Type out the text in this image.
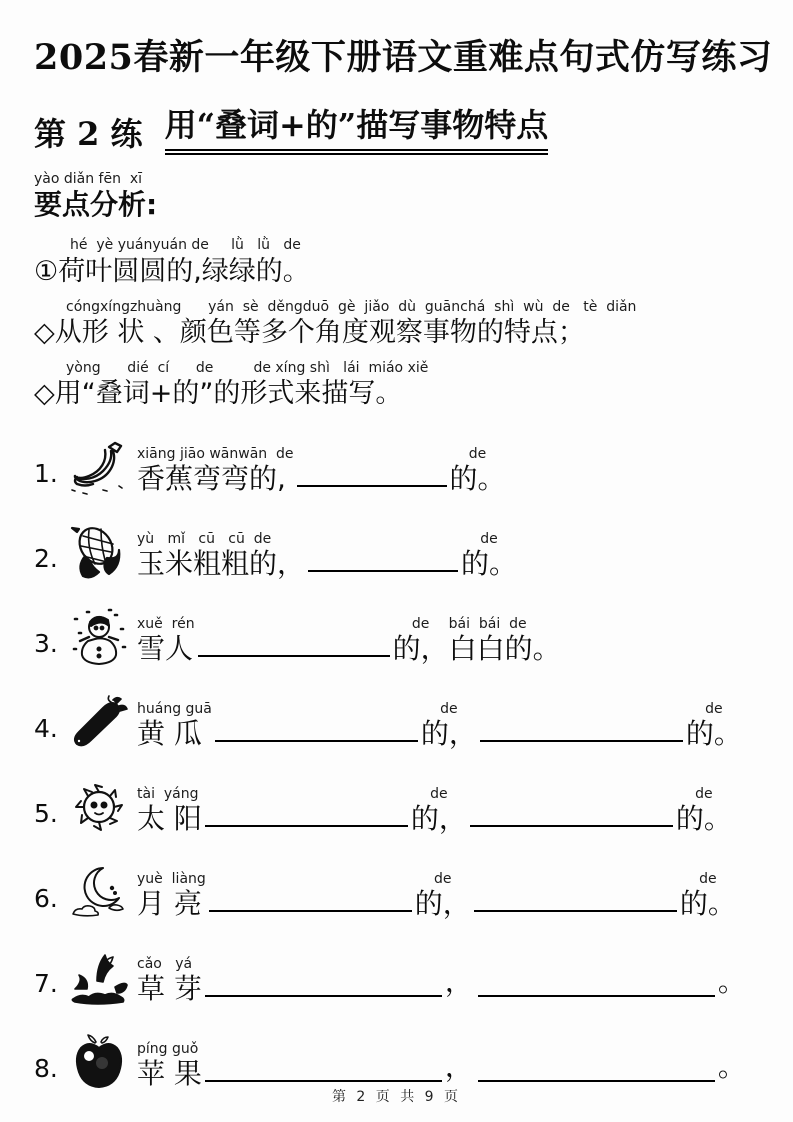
2025春新一年级下册语文重难点句式仿写练习
第 2 练 用“叠词+的”描写事物特点
yào diǎn fēn  xī
要点分析:
hé  yè yuányuán de     lǜ   lǜ   de
①荷叶圆圆的,绿绿的。
cóngxíngzhuàng      yán  sè  děngduō  gè  jiǎo  dù  guānchá  shì  wù  de   tè  diǎn
◇从形 状 、颜色等多个角度观察事物的特点；
yòng      dié  cí      de         de xíng shì   lái  miáo xiě
◇用“叠词+的”的形式来描写。
1.
xiāng jiāo wānwān  de
香蕉弯弯的,
de
的。
2.
yù   mǐ   cū   cū  de
玉米粗粗的，
de
的。
3.
xuě  rén
雪人
de
的，
bái  bái  de
白白的。
4.
huáng guā
黄 瓜
de
的，
de
的。
5.
tài  yáng
太 阳
de
的，
de
的。
6.
yuè  liàng
月 亮
de
的，
de
的。
7.
cǎo   yá
草 芽	，	。
8.
píng guǒ
苹 果	，	。
第 2 页 共 9 页
